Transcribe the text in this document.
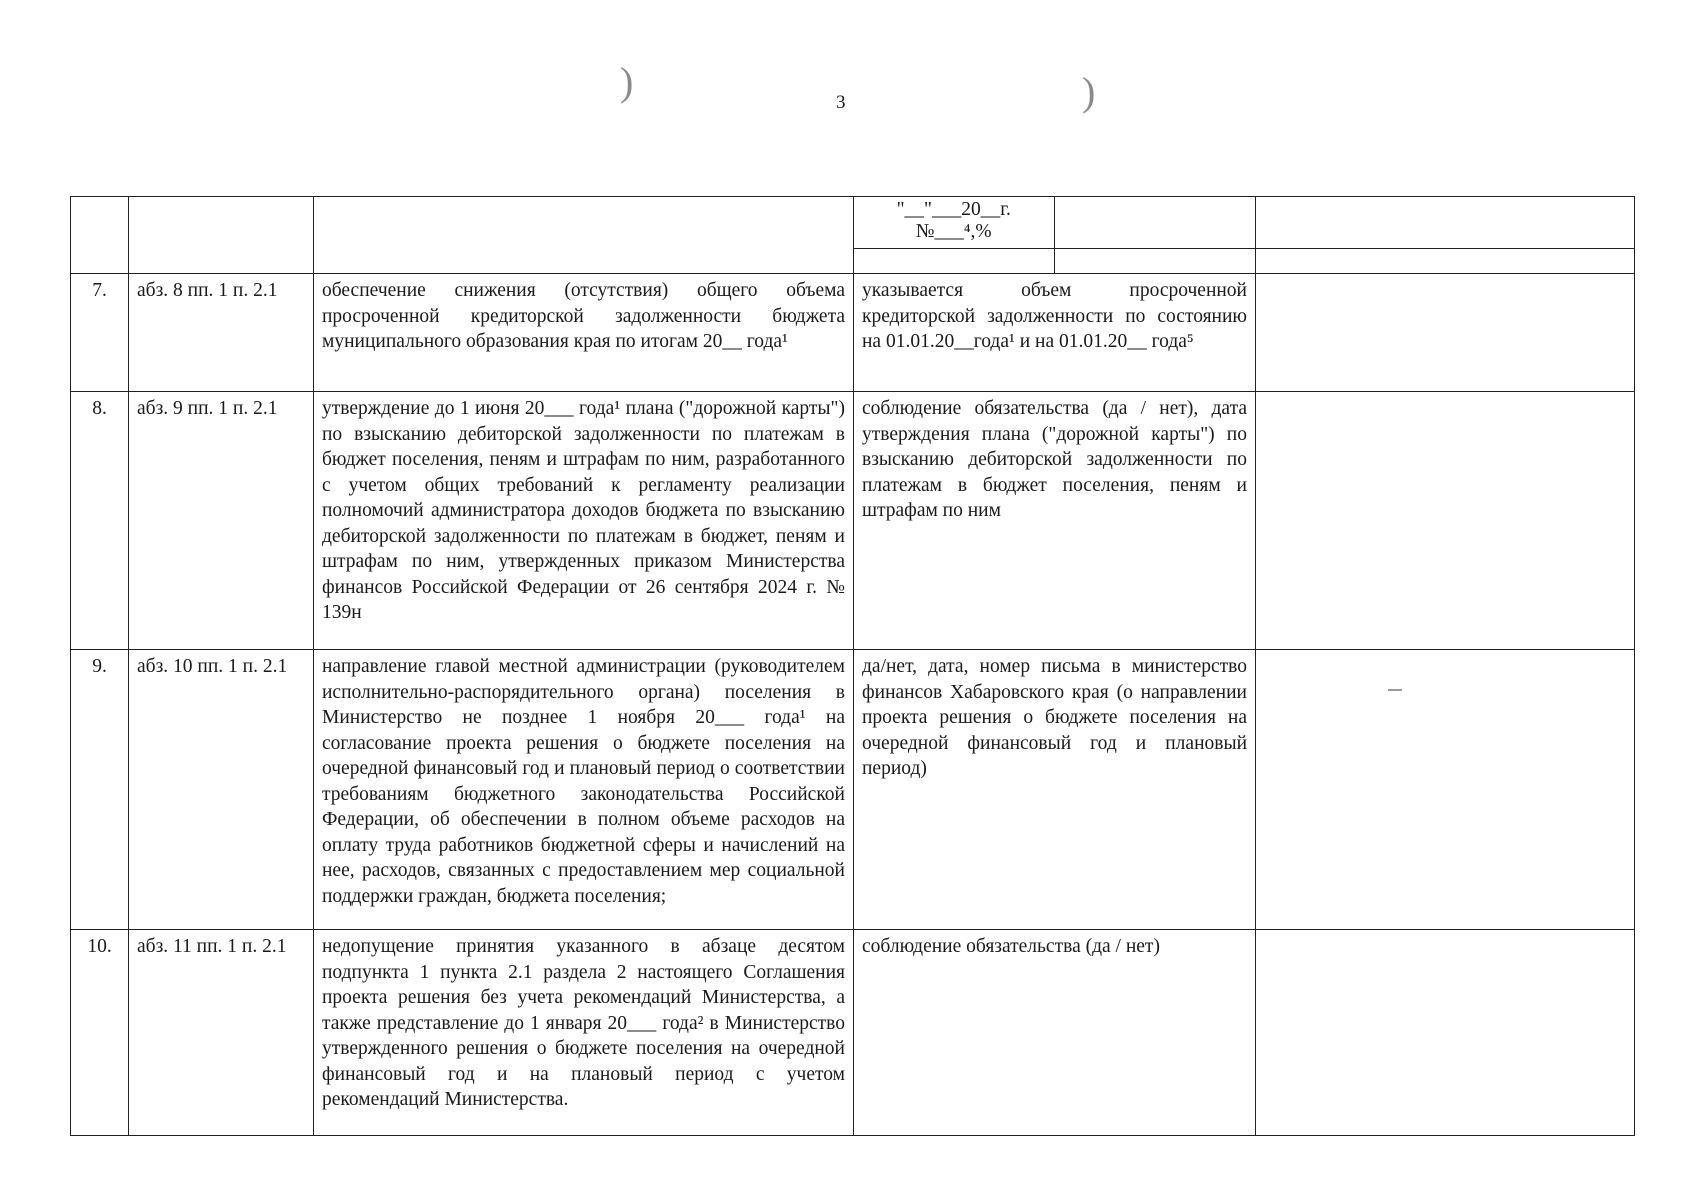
)	)
3

"__"___20__г.
№___⁴,%

7.	абз. 8 пп. 1 п. 2.1	обеспечение снижения (отсутствия) общего объема просроченной кредиторской задолженности бюджета муниципального образования края по итогам 20__ года¹	указывается объем просроченной кредиторской задолженности по состоянию на 01.01.20__года¹ и на 01.01.20__ года⁵	
8.	абз. 9 пп. 1 п. 2.1	утверждение до 1 июня 20___ года¹ плана ("дорожной карты") по взысканию дебиторской задолженности по платежам в бюджет поселения, пеням и штрафам по ним, разработанного с учетом общих требований к регламенту реализации полномочий администратора доходов бюджета по взысканию дебиторской задолженности по платежам в бюджет, пеням и штрафам по ним, утвержденных приказом Министерства финансов Российской Федерации от 26 сентября 2024 г. № 139н	соблюдение обязательства (да / нет), дата утверждения плана ("дорожной карты") по взысканию дебиторской задолженности по платежам в бюджет поселения, пеням и штрафам по ним	
9.	абз. 10 пп. 1 п. 2.1	направление главой местной администрации (руководителем исполнительно-распорядительного органа) поселения в Министерство не позднее 1 ноября 20___ года¹ на согласование проекта решения о бюджете поселения на очередной финансовый год и плановый период о соответствии требованиям бюджетного законодательства Российской Федерации, об обеспечении в полном объеме расходов на оплату труда работников бюджетной сферы и начислений на нее, расходов, связанных с предоставлением мер социальной поддержки граждан, бюджета поселения;	да/нет, дата, номер письма в министерство финансов Хабаровского края (о направлении проекта решения о бюджете поселения на очередной финансовый год и плановый период)	
10.	абз. 11 пп. 1 п. 2.1	недопущение принятия указанного в абзаце десятом подпункта 1 пункта 2.1 раздела 2 настоящего Соглашения проекта решения без учета рекомендаций Министерства, а также представление до 1 января 20___ года² в Министерство утвержденного решения о бюджете поселения на очередной финансовый год и на плановый период с учетом рекомендаций Министерства.	соблюдение обязательства (да / нет)	
